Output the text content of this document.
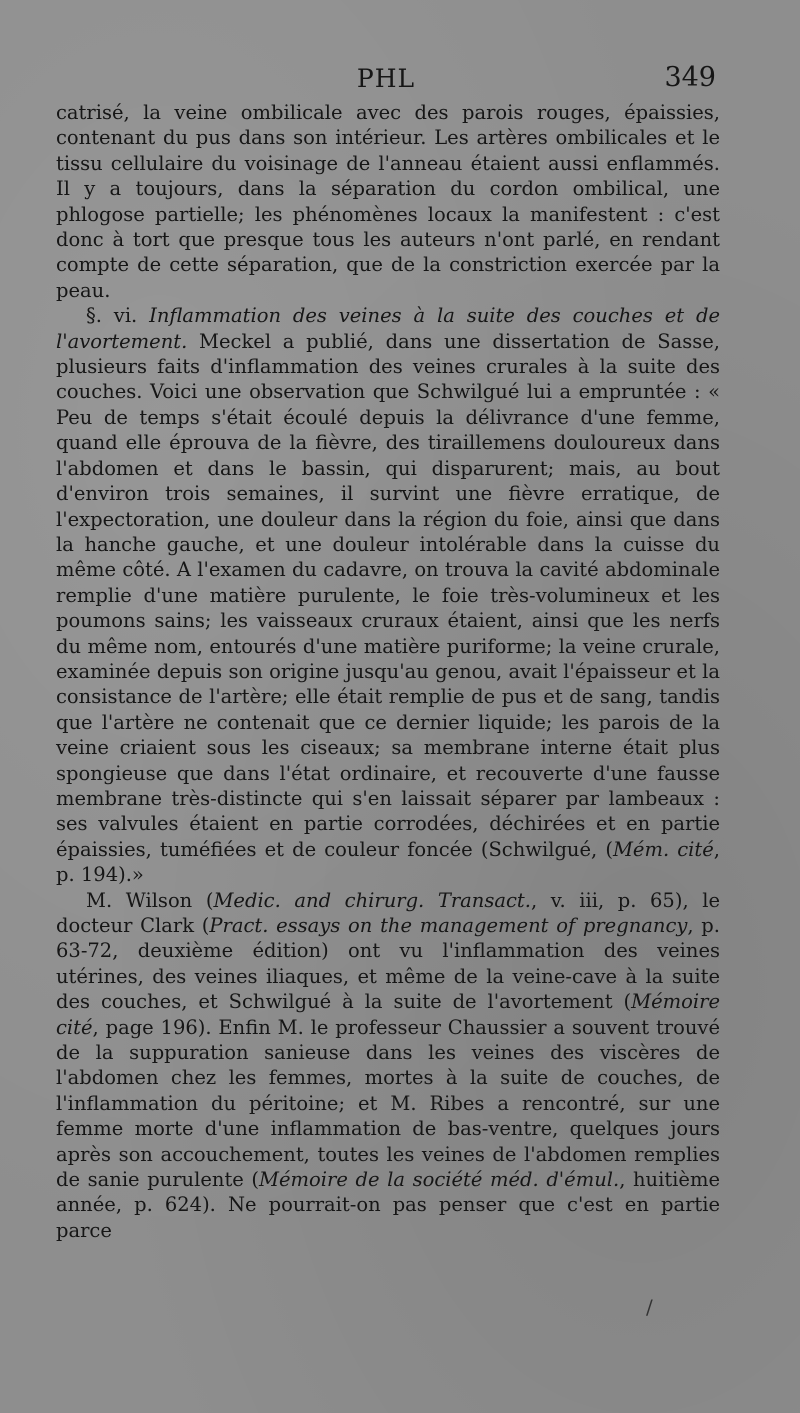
PHL	349

catrisé, la veine ombilicale avec des parois rouges, épaissies, contenant du pus dans son intérieur. Les artères ombilicales et le tissu cellulaire du voisinage de l'anneau étaient aussi enflammés. Il y a toujours, dans la séparation du cordon ombilical, une phlogose partielle; les phénomènes locaux la manifestent : c'est donc à tort que presque tous les auteurs n'ont parlé, en rendant compte de cette séparation, que de la constriction exercée par la peau.

§. vi. Inflammation des veines à la suite des couches et de l'avortement. Meckel a publié, dans une dissertation de Sasse, plusieurs faits d'inflammation des veines crurales à la suite des couches. Voici une observation que Schwilgué lui a empruntée : « Peu de temps s'était écoulé depuis la délivrance d'une femme, quand elle éprouva de la fièvre, des tiraillemens douloureux dans l'abdomen et dans le bassin, qui disparurent; mais, au bout d'environ trois semaines, il survint une fièvre erratique, de l'expectoration, une douleur dans la région du foie, ainsi que dans la hanche gauche, et une douleur intolérable dans la cuisse du même côté. A l'examen du cadavre, on trouva la cavité abdominale remplie d'une matière purulente, le foie très-volumineux et les poumons sains; les vaisseaux cruraux étaient, ainsi que les nerfs du même nom, entourés d'une matière puriforme; la veine crurale, examinée depuis son origine jusqu'au genou, avait l'épaisseur et la consistance de l'artère; elle était remplie de pus et de sang, tandis que l'artère ne contenait que ce dernier liquide; les parois de la veine criaient sous les ciseaux; sa membrane interne était plus spongieuse que dans l'état ordinaire, et recouverte d'une fausse membrane très-distincte qui s'en laissait séparer par lambeaux : ses valvules étaient en partie corrodées, déchirées et en partie épaissies, tuméfiées et de couleur foncée (Schwilgué, (Mém. cité, p. 194).»

M. Wilson (Medic. and chirurg. Transact., v. iii, p. 65), le docteur Clark (Pract. essays on the management of pregnancy, p. 63-72, deuxième édition) ont vu l'inflammation des veines utérines, des veines iliaques, et même de la veine-cave à la suite des couches, et Schwilgué à la suite de l'avortement (Mémoire cité, page 196). Enfin M. le professeur Chaussier a souvent trouvé de la suppuration sanieuse dans les veines des viscères de l'abdomen chez les femmes, mortes à la suite de couches, de l'inflammation du péritoine; et M. Ribes a rencontré, sur une femme morte d'une inflammation de bas-ventre, quelques jours après son accouchement, toutes les veines de l'abdomen remplies de sanie purulente (Mémoire de la société méd. d'émul., huitième année, p. 624). Ne pourrait-on pas penser que c'est en partie parce

/
